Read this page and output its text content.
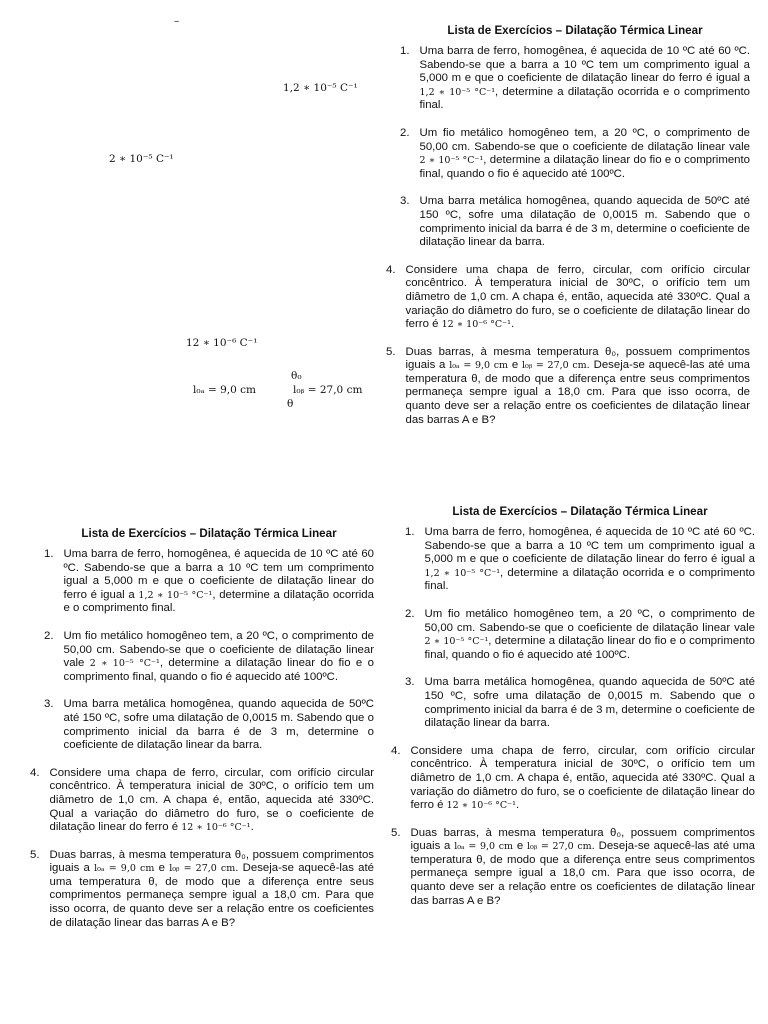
–
1,2 ∗ 10⁻⁵ C⁻¹
2 ∗ 10⁻⁵ C⁻¹
12 ∗ 10⁻⁶ C⁻¹
θ₀
l₀ₐ = 9,0 cm	l₀ᵦ = 27,0 cm
θ
Lista de Exercícios – Dilatação Térmica Linear
1. Uma barra de ferro, homogênea, é aquecida de 10 ºC até 60 ºC. Sabendo-se que a barra a 10 ºC tem um comprimento igual a 5,000 m e que o coeficiente de dilatação linear do ferro é igual a 1,2 ∗ 10⁻⁵ °C⁻¹, determine a dilatação ocorrida e o comprimento final.
2. Um fio metálico homogêneo tem, a 20 ºC, o comprimento de 50,00 cm. Sabendo-se que o coeficiente de dilatação linear vale 2 ∗ 10⁻⁵ °C⁻¹, determine a dilatação linear do fio e o comprimento final, quando o fio é aquecido até 100ºC.
3. Uma barra metálica homogênea, quando aquecida de 50ºC até 150 ºC, sofre uma dilatação de 0,0015 m. Sabendo que o comprimento inicial da barra é de 3 m, determine o coeficiente de dilatação linear da barra.
4. Considere uma chapa de ferro, circular, com orifício circular concêntrico. À temperatura inicial de 30ºC, o orifício tem um diâmetro de 1,0 cm. A chapa é, então, aquecida até 330ºC. Qual a variação do diâmetro do furo, se o coeficiente de dilatação linear do ferro é 12 ∗ 10⁻⁶ °C⁻¹.
5. Duas barras, à mesma temperatura θ₀, possuem comprimentos iguais a l₀ₐ = 9,0 cm e l₀ᵦ = 27,0 cm. Deseja-se aquecê-las até uma temperatura θ, de modo que a diferença entre seus comprimentos permaneça sempre igual a 18,0 cm. Para que isso ocorra, de quanto deve ser a relação entre os coeficientes de dilatação linear das barras A e B?
Lista de Exercícios – Dilatação Térmica Linear
1. Uma barra de ferro, homogênea, é aquecida de 10 ºC até 60 ºC. Sabendo-se que a barra a 10 ºC tem um comprimento igual a 5,000 m e que o coeficiente de dilatação linear do ferro é igual a 1,2 ∗ 10⁻⁵ °C⁻¹, determine a dilatação ocorrida e o comprimento final.
2. Um fio metálico homogêneo tem, a 20 ºC, o comprimento de 50,00 cm. Sabendo-se que o coeficiente de dilatação linear vale 2 ∗ 10⁻⁵ °C⁻¹, determine a dilatação linear do fio e o comprimento final, quando o fio é aquecido até 100ºC.
3. Uma barra metálica homogênea, quando aquecida de 50ºC até 150 ºC, sofre uma dilatação de 0,0015 m. Sabendo que o comprimento inicial da barra é de 3 m, determine o coeficiente de dilatação linear da barra.
4. Considere uma chapa de ferro, circular, com orifício circular concêntrico. À temperatura inicial de 30ºC, o orifício tem um diâmetro de 1,0 cm. A chapa é, então, aquecida até 330ºC. Qual a variação do diâmetro do furo, se o coeficiente de dilatação linear do ferro é 12 ∗ 10⁻⁶ °C⁻¹.
5. Duas barras, à mesma temperatura θ₀, possuem comprimentos iguais a l₀ₐ = 9,0 cm e l₀ᵦ = 27,0 cm. Deseja-se aquecê-las até uma temperatura θ, de modo que a diferença entre seus comprimentos permaneça sempre igual a 18,0 cm. Para que isso ocorra, de quanto deve ser a relação entre os coeficientes de dilatação linear das barras A e B?
Lista de Exercícios – Dilatação Térmica Linear
1. Uma barra de ferro, homogênea, é aquecida de 10 ºC até 60 ºC. Sabendo-se que a barra a 10 ºC tem um comprimento igual a 5,000 m e que o coeficiente de dilatação linear do ferro é igual a 1,2 ∗ 10⁻⁵ °C⁻¹, determine a dilatação ocorrida e o comprimento final.
2. Um fio metálico homogêneo tem, a 20 ºC, o comprimento de 50,00 cm. Sabendo-se que o coeficiente de dilatação linear vale 2 ∗ 10⁻⁵ °C⁻¹, determine a dilatação linear do fio e o comprimento final, quando o fio é aquecido até 100ºC.
3. Uma barra metálica homogênea, quando aquecida de 50ºC até 150 ºC, sofre uma dilatação de 0,0015 m. Sabendo que o comprimento inicial da barra é de 3 m, determine o coeficiente de dilatação linear da barra.
4. Considere uma chapa de ferro, circular, com orifício circular concêntrico. À temperatura inicial de 30ºC, o orifício tem um diâmetro de 1,0 cm. A chapa é, então, aquecida até 330ºC. Qual a variação do diâmetro do furo, se o coeficiente de dilatação linear do ferro é 12 ∗ 10⁻⁶ °C⁻¹.
5. Duas barras, à mesma temperatura θ₀, possuem comprimentos iguais a l₀ₐ = 9,0 cm e l₀ᵦ = 27,0 cm. Deseja-se aquecê-las até uma temperatura θ, de modo que a diferença entre seus comprimentos permaneça sempre igual a 18,0 cm. Para que isso ocorra, de quanto deve ser a relação entre os coeficientes de dilatação linear das barras A e B?
